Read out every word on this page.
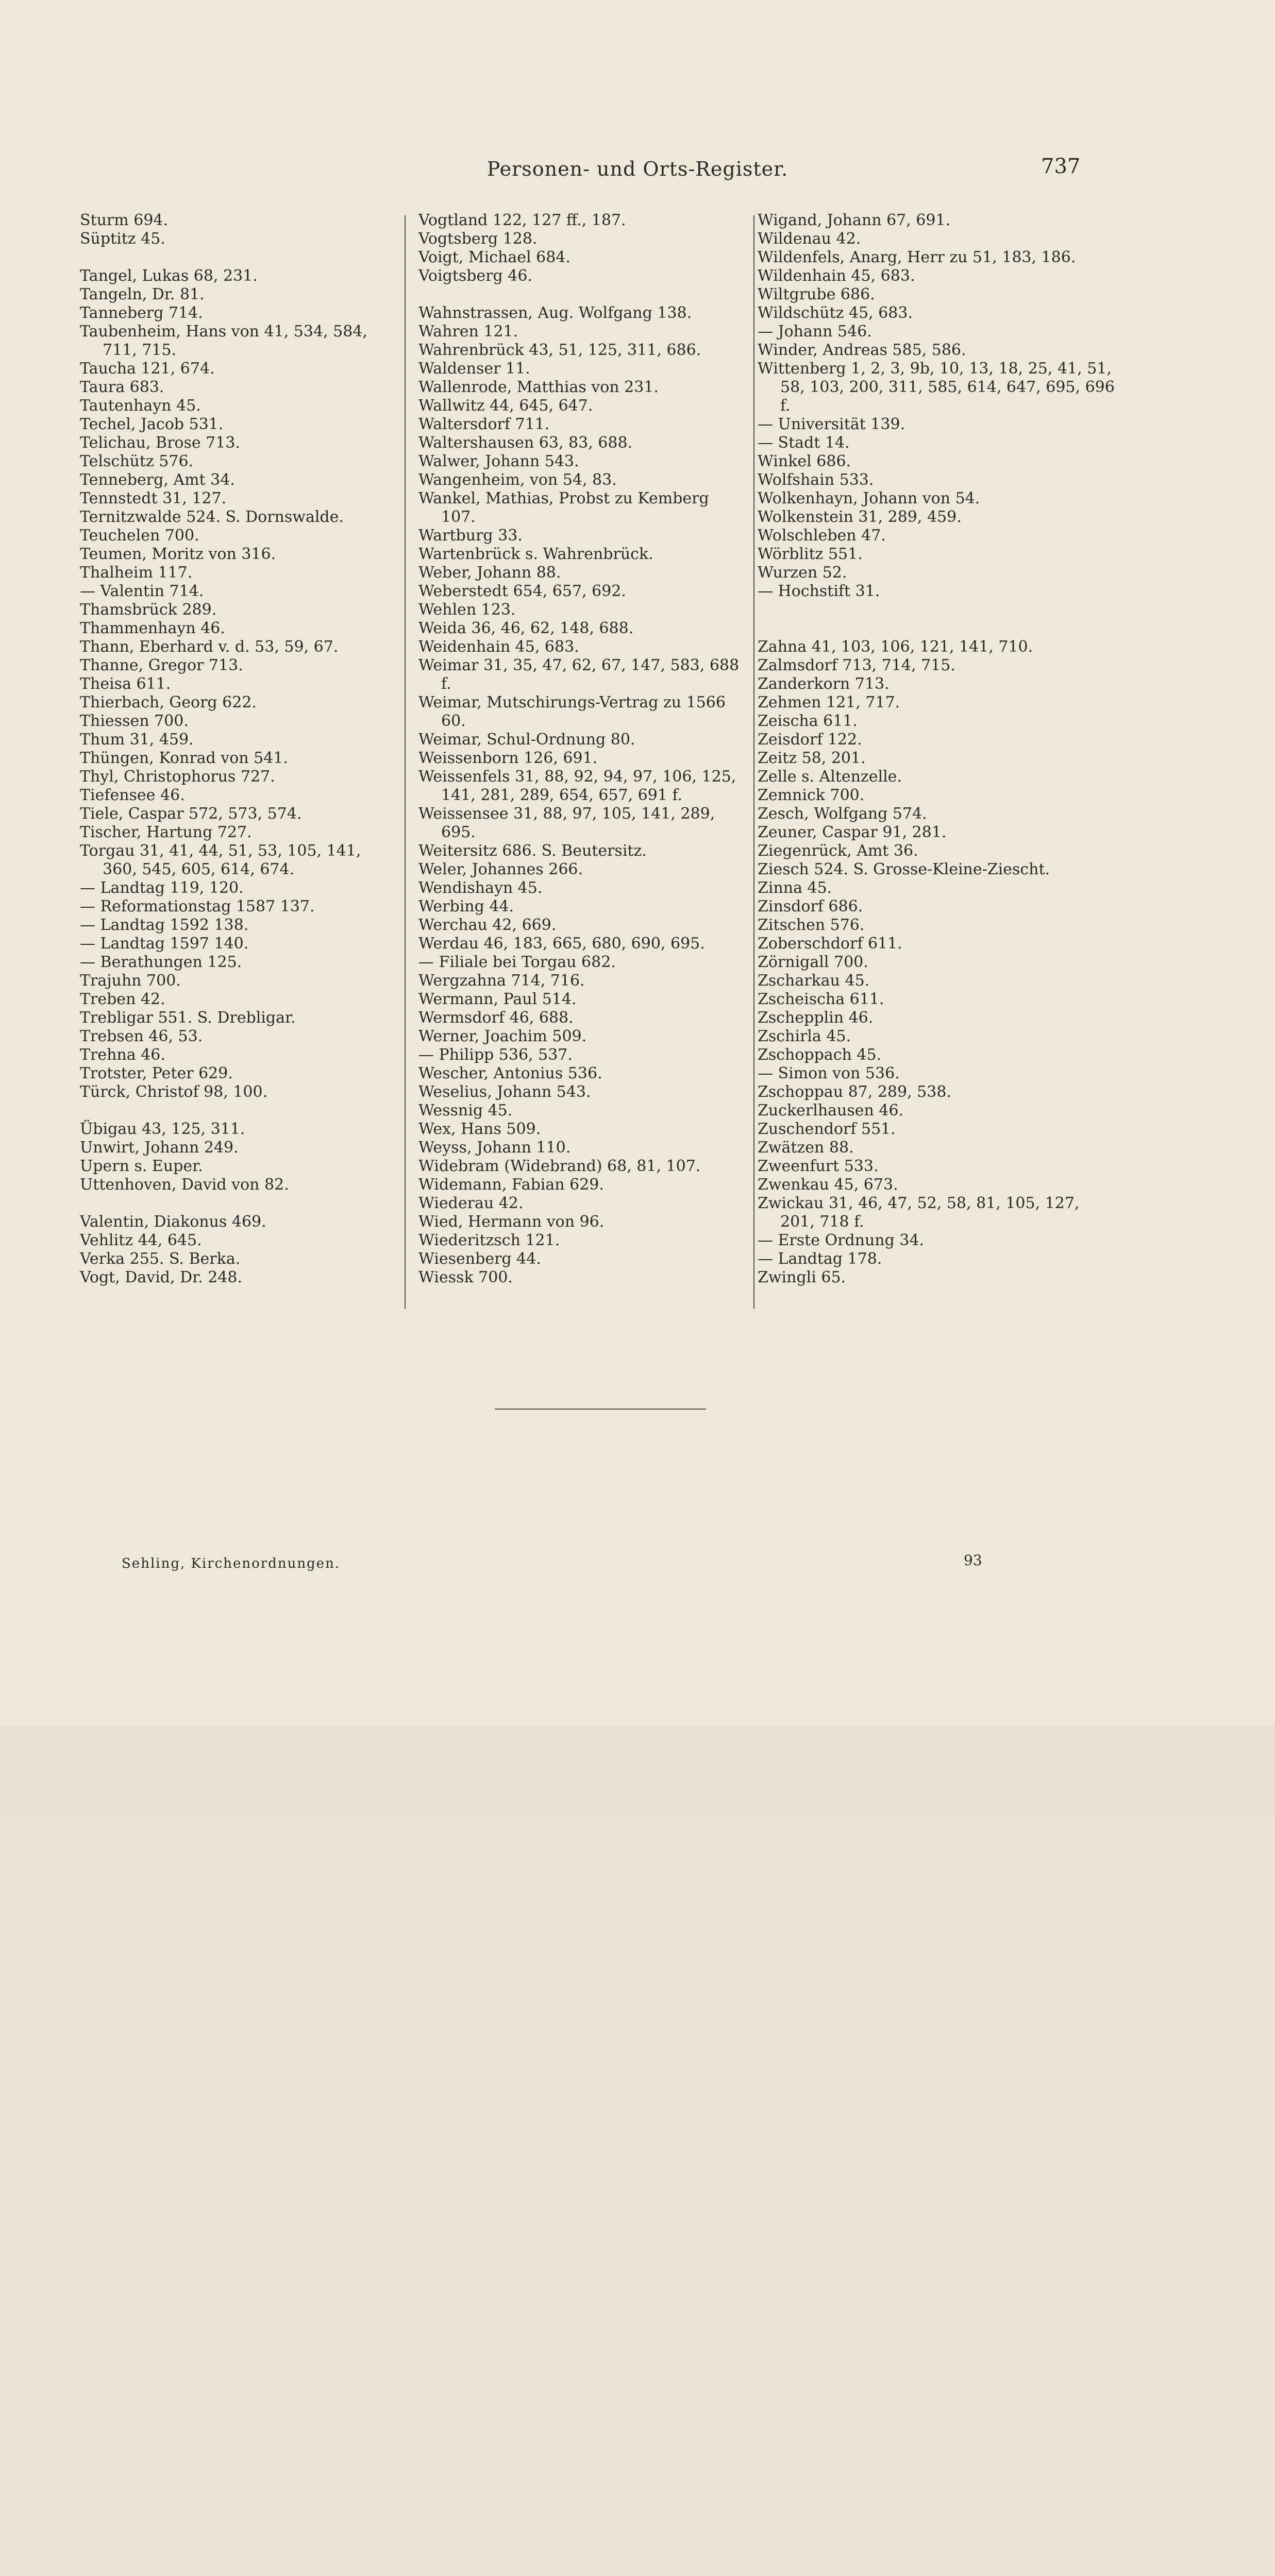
Personen- und Orts-Register.	737
Sturm 694.
Süptitz 45.
Tangel, Lukas 68, 231.
Tangeln, Dr. 81.
Tanneberg 714.
Taubenheim, Hans von 41, 534, 584, 711, 715.
Taucha 121, 674.
Taura 683.
Tautenhayn 45.
Techel, Jacob 531.
Telichau, Brose 713.
Telschütz 576.
Tenneberg, Amt 34.
Tennstedt 31, 127.
Ternitzwalde 524. S. Dornswalde.
Teuchelen 700.
Teumen, Moritz von 316.
Thalheim 117.
— Valentin 714.
Thamsbrück 289.
Thammenhayn 46.
Thann, Eberhard v. d. 53, 59, 67.
Thanne, Gregor 713.
Theisa 611.
Thierbach, Georg 622.
Thiessen 700.
Thum 31, 459.
Thüngen, Konrad von 541.
Thyl, Christophorus 727.
Tiefensee 46.
Tiele, Caspar 572, 573, 574.
Tischer, Hartung 727.
Torgau 31, 41, 44, 51, 53, 105, 141, 360, 545, 605, 614, 674.
— Landtag 119, 120.
— Reformationstag 1587 137.
— Landtag 1592 138.
— Landtag 1597 140.
— Berathungen 125.
Trajuhn 700.
Treben 42.
Trebligar 551. S. Drebligar.
Trebsen 46, 53.
Trehna 46.
Trotster, Peter 629.
Türck, Christof 98, 100.
Übigau 43, 125, 311.
Unwirt, Johann 249.
Upern s. Euper.
Uttenhoven, David von 82.
Valentin, Diakonus 469.
Vehlitz 44, 645.
Verka 255. S. Berka.
Vogt, David, Dr. 248.
Vogtland 122, 127 ff., 187.
Vogtsberg 128.
Voigt, Michael 684.
Voigtsberg 46.
Wahnstrassen, Aug. Wolfgang 138.
Wahren 121.
Wahrenbrück 43, 51, 125, 311, 686.
Waldenser 11.
Wallenrode, Matthias von 231.
Wallwitz 44, 645, 647.
Waltersdorf 711.
Waltershausen 63, 83, 688.
Walwer, Johann 543.
Wangenheim, von 54, 83.
Wankel, Mathias, Probst zu Kemberg 107.
Wartburg 33.
Wartenbrück s. Wahrenbrück.
Weber, Johann 88.
Weberstedt 654, 657, 692.
Wehlen 123.
Weida 36, 46, 62, 148, 688.
Weidenhain 45, 683.
Weimar 31, 35, 47, 62, 67, 147, 583, 688 f.
Weimar, Mutschirungs-Vertrag zu 1566 60.
Weimar, Schul-Ordnung 80.
Weissenborn 126, 691.
Weissenfels 31, 88, 92, 94, 97, 106, 125, 141, 281, 289, 654, 657, 691 f.
Weissensee 31, 88, 97, 105, 141, 289, 695.
Weitersitz 686. S. Beutersitz.
Weler, Johannes 266.
Wendishayn 45.
Werbing 44.
Werchau 42, 669.
Werdau 46, 183, 665, 680, 690, 695.
— Filiale bei Torgau 682.
Wergzahna 714, 716.
Wermann, Paul 514.
Wermsdorf 46, 688.
Werner, Joachim 509.
— Philipp 536, 537.
Wescher, Antonius 536.
Weselius, Johann 543.
Wessnig 45.
Wex, Hans 509.
Weyss, Johann 110.
Widebram (Widebrand) 68, 81, 107.
Widemann, Fabian 629.
Wiederau 42.
Wied, Hermann von 96.
Wiederitzsch 121.
Wiesenberg 44.
Wiessk 700.
Wigand, Johann 67, 691.
Wildenau 42.
Wildenfels, Anarg, Herr zu 51, 183, 186.
Wildenhain 45, 683.
Wiltgrube 686.
Wildschütz 45, 683.
— Johann 546.
Winder, Andreas 585, 586.
Wittenberg 1, 2, 3, 9b, 10, 13, 18, 25, 41, 51, 58, 103, 200, 311, 585, 614, 647, 695, 696 f.
— Universität 139.
— Stadt 14.
Winkel 686.
Wolfshain 533.
Wolkenhayn, Johann von 54.
Wolkenstein 31, 289, 459.
Wolschleben 47.
Wörblitz 551.
Wurzen 52.
— Hochstift 31.
Zahna 41, 103, 106, 121, 141, 710.
Zalmsdorf 713, 714, 715.
Zanderkorn 713.
Zehmen 121, 717.
Zeischa 611.
Zeisdorf 122.
Zeitz 58, 201.
Zelle s. Altenzelle.
Zemnick 700.
Zesch, Wolfgang 574.
Zeuner, Caspar 91, 281.
Ziegenrück, Amt 36.
Ziesch 524. S. Grosse-Kleine-Ziescht.
Zinna 45.
Zinsdorf 686.
Zitschen 576.
Zoberschdorf 611.
Zörnigall 700.
Zscharkau 45.
Zscheischa 611.
Zschepplin 46.
Zschirla 45.
Zschoppach 45.
— Simon von 536.
Zschoppau 87, 289, 538.
Zuckerlhausen 46.
Zuschendorf 551.
Zwätzen 88.
Zweenfurt 533.
Zwenkau 45, 673.
Zwickau 31, 46, 47, 52, 58, 81, 105, 127, 201, 718 f.
— Erste Ordnung 34.
— Landtag 178.
Zwingli 65.
Sehling, Kirchenordnungen.	93
